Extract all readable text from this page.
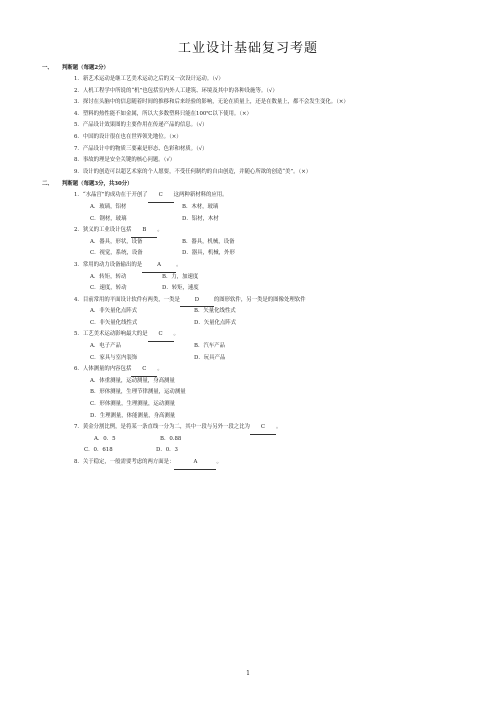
工业设计基础复习考题
一、 判断题（每题2分）
1．新艺术运动是继工艺美术运动之后的又一次设计运动。（√）
2．人机工程学中所说的“机”也包括室内外人工建筑、环境及其中的各种设施等。（√）
3．探讨在头脑中的信息随着时间的推移和后来经验的影响，无论在质量上，还是在数量上，都不会发生变化。（×）
4．塑料的热性能不如金属，所以大多数塑料只能在100℃以下使用。（×）
5．产品设计效果图的主要作用在传递产品的信息。（√）
6．中国的设计很在也在世界领先地位。（×）
7．产品设计中的物质三要素是形态、色彩和材质。（√）
8．事故的理是安全关键的核心问题。（√）
9．设计的创造可以超艺术家的个人愿要，不受任何制约的自由创造，并随心所欲的创造“美”。（×）
二、 判断题（每题3分，共30分）
1．“水晶宫”的成功在于开创了 C 这两种新材料的应用。
A．玻璃，铝材	B．木材，玻璃
C．钢材，玻璃	D．铝材，木材
2．狭义的工业设计包括 B 。
A．器具，形状，设备	B．器具，机械，设备
C．视觉，系统，设备	D．器具，机械，外形
3．常用的动力设备输出的是	A	。
A．转矩，转动	B．力，加速度
C．速度，转动	D．转矩，速度
4．目前常用的平面设计软件有两类，一类是	D	的图形软件，另一类是的图像处理软件
A．非矢量化点阵式	B．矢量化线性式
C．非矢量化线性式	D．矢量化点阵式
5．工艺美术运动影响最大的是 C 。
A．电子产品	B．汽车产品
C．家具与室内装饰	D．玩具产品
6．人体测量的内容包括 C 。
A．体重测量，运动测量，身高测量
B．形体测量，生理节律测量，运动测量
C．形体测量，生理测量，运动测量
D．生理测量，体能测量，身高测量
7．黄金分割比例，是将某一条直线一分为二，其中一段与另外一段之比为 C 。
A．0．5	B．0.88
C．0．618	D．0．3
8．关于稳定，一般需要考虑的两方面是：	A	。
1
